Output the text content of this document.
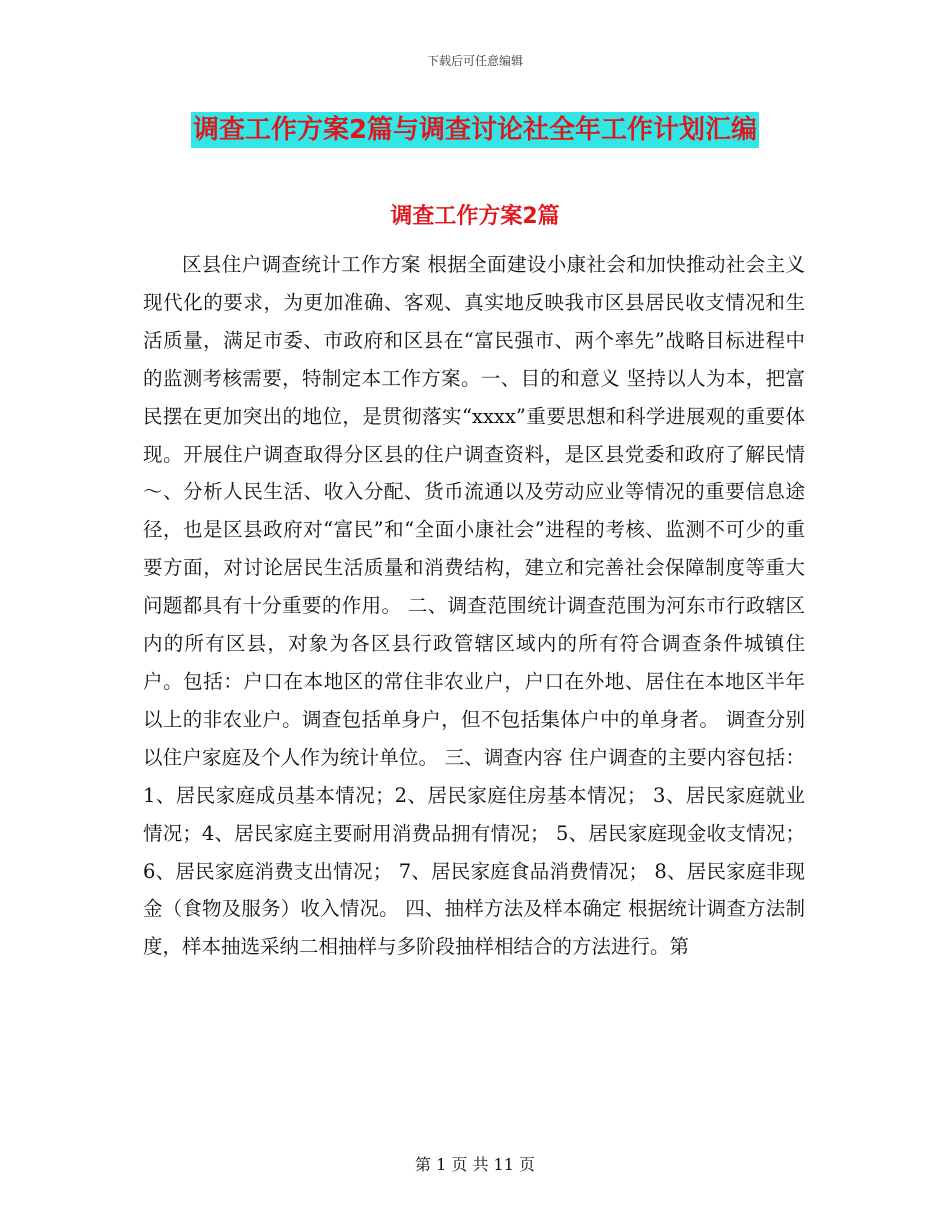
下载后可任意编辑
调查工作方案2篇与调查讨论社全年工作计划汇编
调查工作方案2篇

区县住户调查统计工作方案 根据全面建设小康社会和加快推动社会主义现代化的要求，为更加准确、客观、真实地反映我市区县居民收支情况和生活质量，满足市委、市政府和区县在“富民强市、两个率先”战略目标进程中的监测考核需要，特制定本工作方案。一、目的和意义 坚持以人为本，把富民摆在更加突出的地位，是贯彻落实“xxxx”重要思想和科学进展观的重要体现。开展住户调查取得分区县的住户调查资料，是区县党委和政府了解民情～、分析人民生活、收入分配、货币流通以及劳动应业等情况的重要信息途径，也是区县政府对“富民”和“全面小康社会”进程的考核、监测不可少的重要方面，对讨论居民生活质量和消费结构，建立和完善社会保障制度等重大问题都具有十分重要的作用。 二、调查范围统计调查范围为河东市行政辖区内的所有区县，对象为各区县行政管辖区域内的所有符合调查条件城镇住户。包括：户口在本地区的常住非农业户，户口在外地、居住在本地区半年以上的非农业户。调查包括单身户，但不包括集体户中的单身者。 调查分别以住户家庭及个人作为统计单位。 三、调查内容 住户调查的主要内容包括： 1、居民家庭成员基本情况；2、居民家庭住房基本情况； 3、居民家庭就业情况；4、居民家庭主要耐用消费品拥有情况； 5、居民家庭现金收支情况； 6、居民家庭消费支出情况； 7、居民家庭食品消费情况； 8、居民家庭非现金（食物及服务）收入情况。 四、抽样方法及样本确定 根据统计调查方法制度，样本抽选采纳二相抽样与多阶段抽样相结合的方法进行。第

第 1 页 共 11 页
